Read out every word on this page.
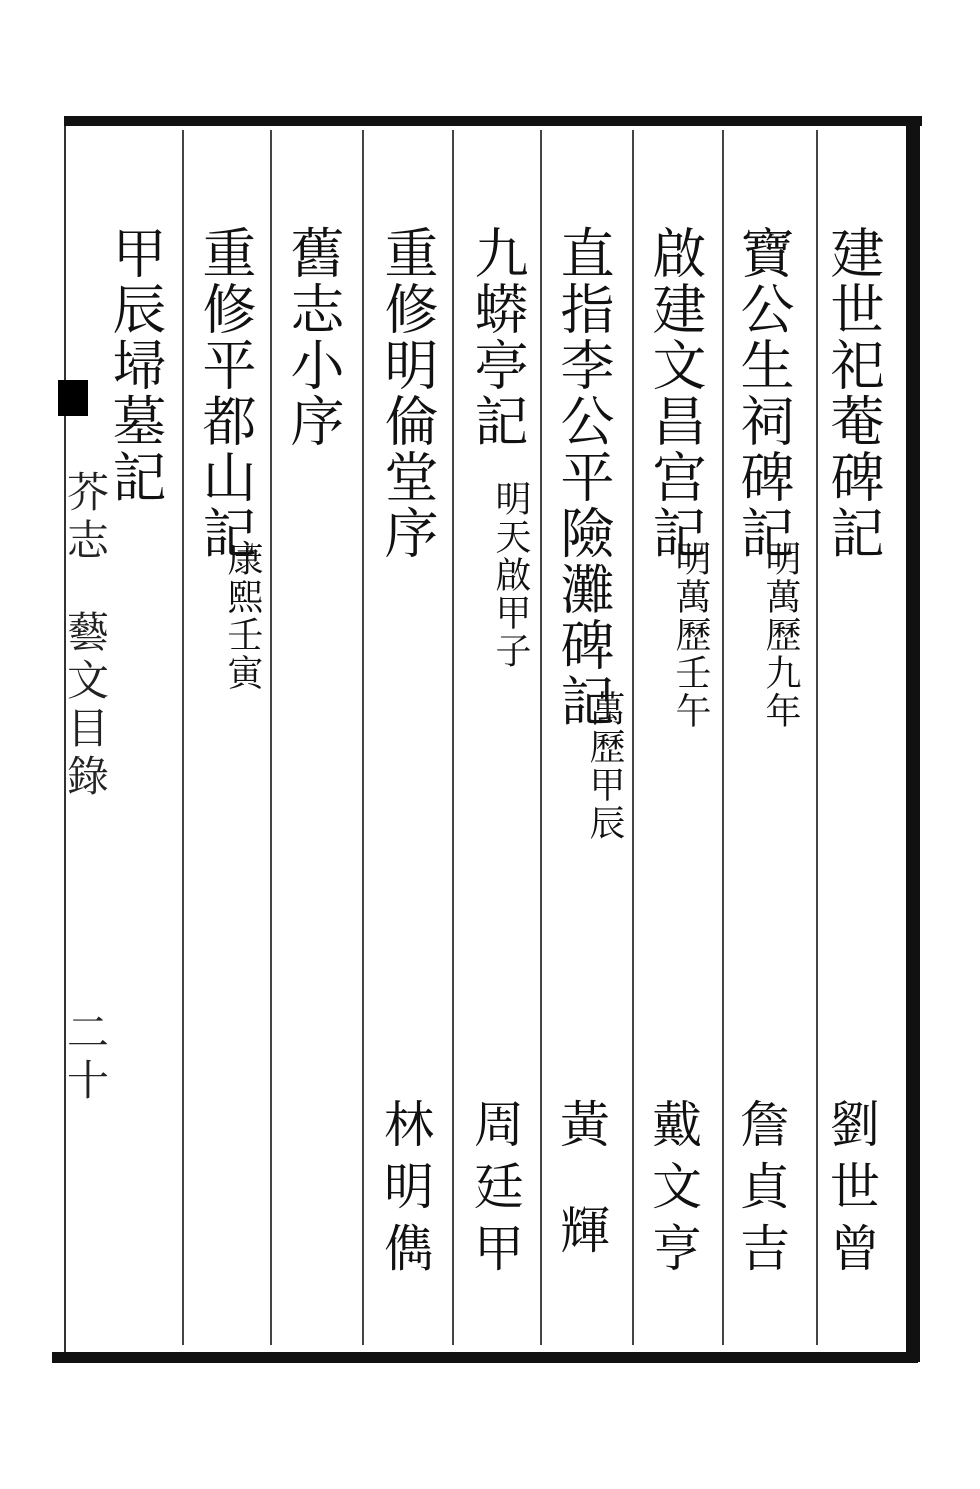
芥志
藝文目錄
二十
建世祀菴碑記
劉世曾
寶公生祠碑記
明萬歷九年
詹貞吉
啟建文昌宫記
明萬歷壬午
戴文亨
直指李公平險灘碑記
萬歷甲辰
黃輝
九蟒亭記
明天啟甲子
周廷甲
重修明倫堂序
林明儁
舊志小序
重修平都山記
康熙壬寅
甲辰埽墓記
